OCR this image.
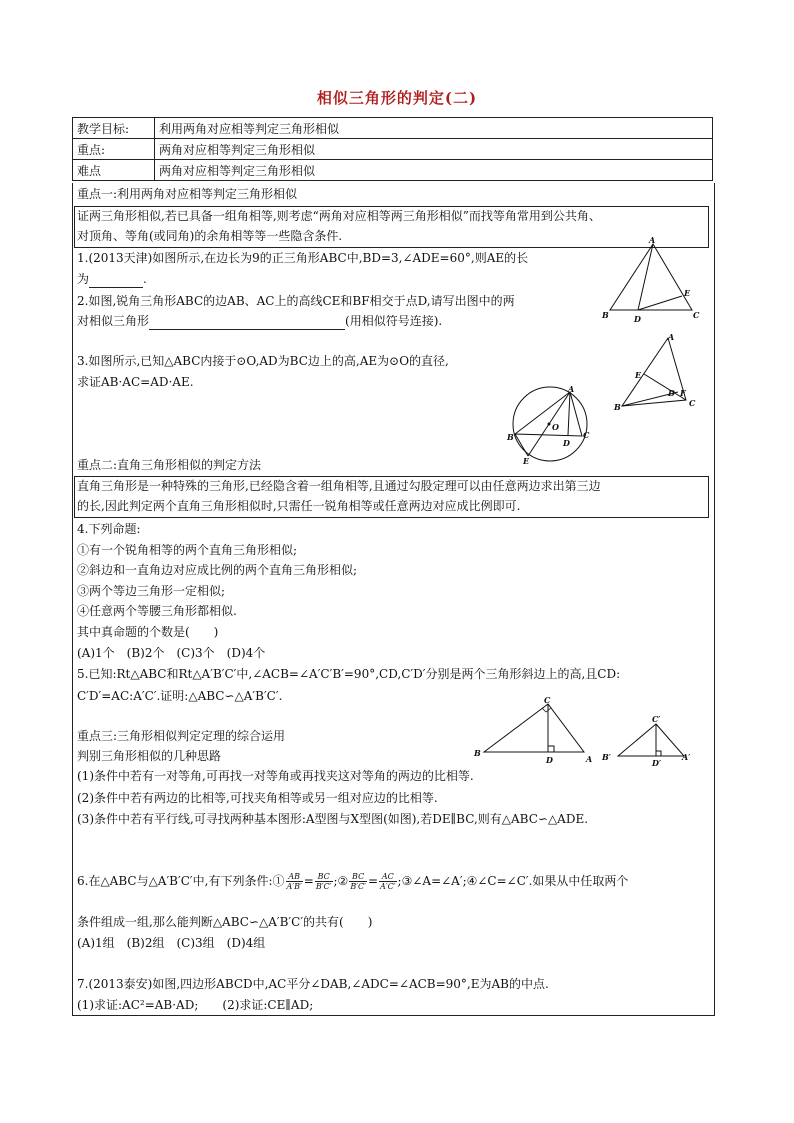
相似三角形的判定(二)
教学目标:	利用两角对应相等判定三角形相似
重点:	两角对应相等判定三角形相似
难点	两角对应相等判定三角形相似
重点一:利用两角对应相等判定三角形相似
证两三角形相似,若已具备一组角相等,则考虑“两角对应相等两三角形相似”而找等角常用到公共角、
对顶角、等角(或同角)的余角相等等一些隐含条件.
1.(2013天津)如图所示,在边长为9的正三角形ABC中,BD=3,∠ADE=60°,则AE的长
为	.
2.如图,锐角三角形ABC的边AB、AC上的高线CE和BF相交于点D,请写出图中的两
对相似三角形	(用相似符号连接).
3.如图所示,已知△ABC内接于⊙O,AD为BC边上的高,AE为⊙O的直径,
求证AB·AC=AD·AE.
A
B	D	C
E
A
E
D F
B	C
A
O
B
D
C
E
重点二:直角三角形相似的判定方法
直角三角形是一种特殊的三角形,已经隐含着一组角相等,且通过勾股定理可以由任意两边求出第三边
的长,因此判定两个直角三角形相似时,只需任一锐角相等或任意两边对应成比例即可.
4.下列命题:
①有一个锐角相等的两个直角三角形相似;
②斜边和一直角边对应成比例的两个直角三角形相似;
③两个等边三角形一定相似;
④任意两个等腰三角形都相似.
其中真命题的个数是(　　)
(A)1个　(B)2个　(C)3个　(D)4个
5.已知:Rt△ABC和Rt△A′B′C′中,∠ACB=∠A′C′B′=90°,CD,C′D′分别是两个三角形斜边上的高,且CD:
C′D′=AC:A′C′.证明:△ABC∽△A′B′C′.	C
B
D	A
C′
B′
D′
A′
重点三:三角形相似判定定理的综合运用
判别三角形相似的几种思路
(1)条件中若有一对等角,可再找一对等角或再找夹这对等角的两边的比相等.
(2)条件中若有两边的比相等,可找夹角相等或另一组对应边的比相等.
(3)条件中若有平行线,可寻找两种基本图形:A型图与X型图(如图),若DE∥BC,则有△ABC∽△ADE.
6.在△ABC与△A′B′C′中,有下列条件:① $\frac{AB}{A'B'} = \frac{BC}{B'C'}$ ;② $\frac{BC}{B'C'} = \frac{AC}{A'C'}$ ;③∠A=∠A′;④∠C=∠C′.如果从中任取两个
条件组成一组,那么能判断△ABC∽△A′B′C′的共有(　　)
(A)1组　(B)2组　(C)3组　(D)4组
7.(2013泰安)如图,四边形ABCD中,AC平分∠DAB,∠ADC=∠ACB=90°,E为AB的中点.
(1)求证:AC²=AB·AD;　　(2)求证:CE∥AD;
